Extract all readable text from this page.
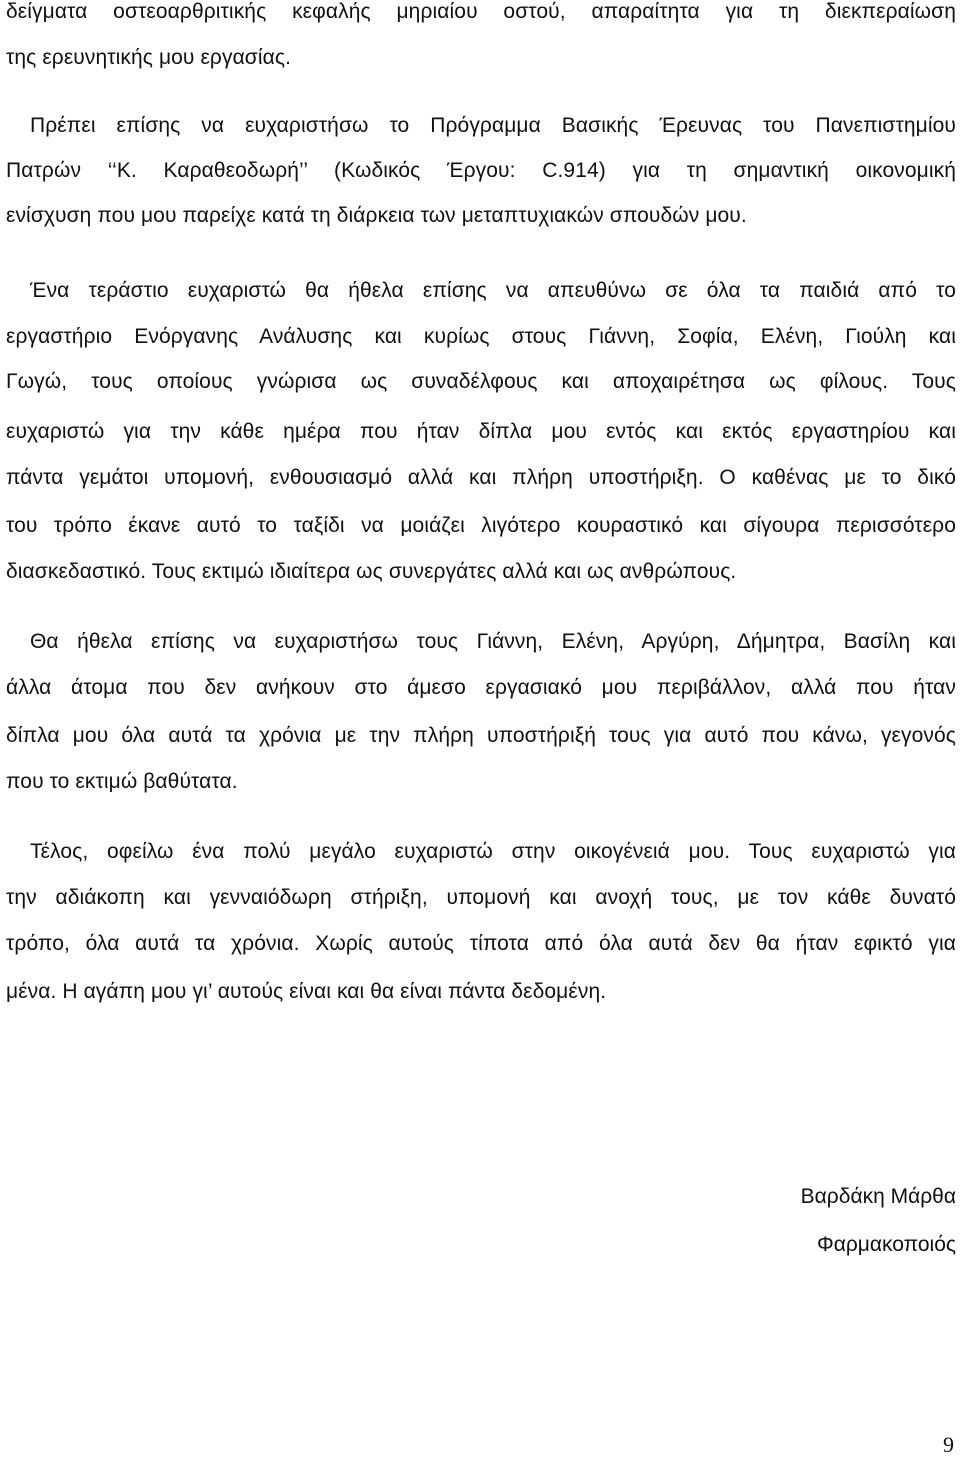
δείγματα οστεοαρθριτικής κεφαλής μηριαίου οστού, απαραίτητα για τη διεκπεραίωση
της ερευνητικής μου εργασίας.
Πρέπει επίσης να ευχαριστήσω το Πρόγραμμα Βασικής Έρευνας του Πανεπιστημίου
Πατρών ‘‘Κ. Καραθεοδωρή’’ (Κωδικός Έργου: C.914) για τη σημαντική οικονομική
ενίσχυση που μου παρείχε κατά τη διάρκεια των μεταπτυχιακών σπουδών μου.
Ένα τεράστιο ευχαριστώ θα ήθελα επίσης να απευθύνω σε όλα τα παιδιά από το
εργαστήριο Ενόργανης Ανάλυσης και κυρίως στους Γιάννη, Σοφία, Ελένη, Γιούλη και
Γωγώ, τους οποίους γνώρισα ως συναδέλφους και αποχαιρέτησα ως φίλους. Τους
ευχαριστώ για την κάθε ημέρα που ήταν δίπλα μου εντός και εκτός εργαστηρίου και
πάντα γεμάτοι υπομονή, ενθουσιασμό αλλά και πλήρη υποστήριξη. Ο καθένας με το δικό
του τρόπο έκανε αυτό το ταξίδι να μοιάζει λιγότερο κουραστικό και σίγουρα περισσότερο
διασκεδαστικό. Τους εκτιμώ ιδιαίτερα ως συνεργάτες αλλά και ως ανθρώπους.
Θα ήθελα επίσης να ευχαριστήσω τους Γιάννη, Ελένη, Αργύρη, Δήμητρα, Βασίλη και
άλλα άτομα που δεν ανήκουν στο άμεσο εργασιακό μου περιβάλλον, αλλά που ήταν
δίπλα μου όλα αυτά τα χρόνια με την πλήρη υποστήριξή τους για αυτό που κάνω, γεγονός
που το εκτιμώ βαθύτατα.
Τέλος, οφείλω ένα πολύ μεγάλο ευχαριστώ στην οικογένειά μου. Τους ευχαριστώ για
την αδιάκοπη και γενναιόδωρη στήριξη, υπομονή και ανοχή τους, με τον κάθε δυνατό
τρόπο, όλα αυτά τα χρόνια. Χωρίς αυτούς τίποτα από όλα αυτά δεν θα ήταν εφικτό για
μένα. Η αγάπη μου γι’ αυτούς είναι και θα είναι πάντα δεδομένη.
Βαρδάκη Μάρθα
Φαρμακοποιός
9
